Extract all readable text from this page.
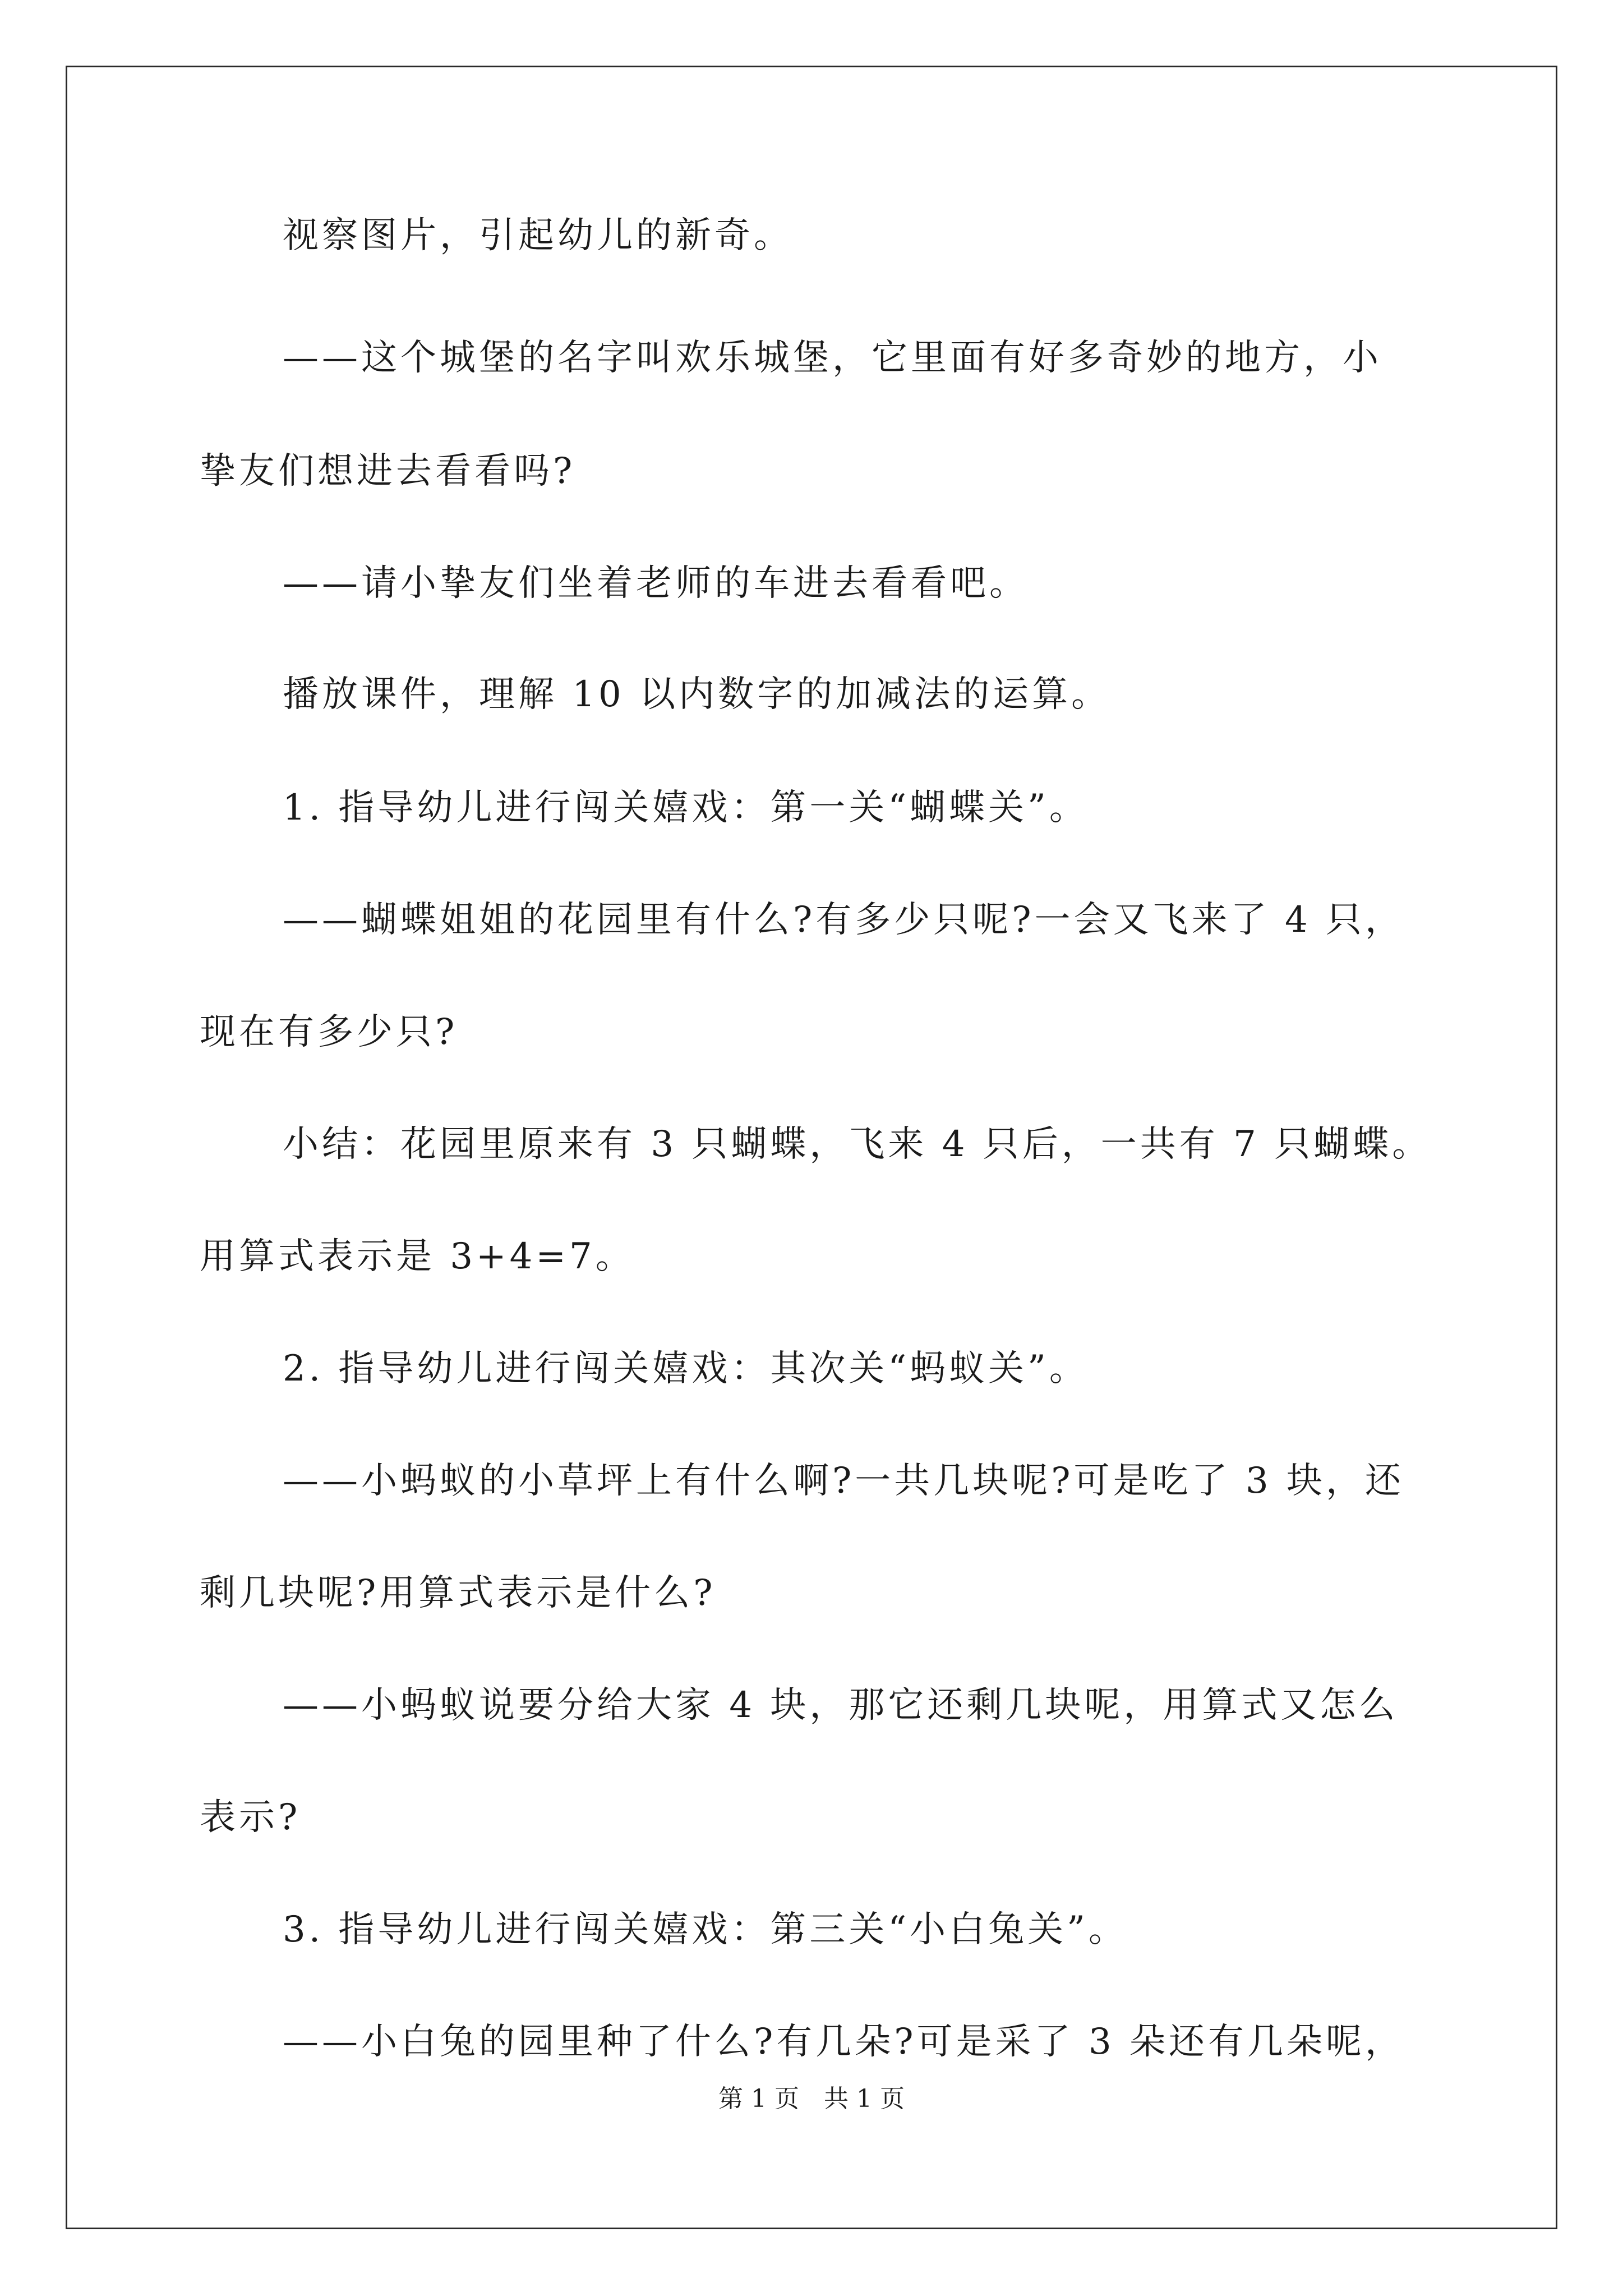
视察图片，引起幼儿的新奇。
——这个城堡的名字叫欢乐城堡，它里面有好多奇妙的地方，小
挚友们想进去看看吗?
——请小挚友们坐着老师的车进去看看吧。
播放课件，理解 10 以内数字的加减法的运算。
1. 指导幼儿进行闯关嬉戏：第一关“蝴蝶关”。
——蝴蝶姐姐的花园里有什么?有多少只呢?一会又飞来了 4 只，
现在有多少只?
小结：花园里原来有 3 只蝴蝶，飞来 4 只后，一共有 7 只蝴蝶。
用算式表示是 3+4=7。
2. 指导幼儿进行闯关嬉戏：其次关“蚂蚁关”。
——小蚂蚁的小草坪上有什么啊?一共几块呢?可是吃了 3 块，还
剩几块呢?用算式表示是什么?
——小蚂蚁说要分给大家 4 块，那它还剩几块呢，用算式又怎么
表示?
3. 指导幼儿进行闯关嬉戏：第三关“小白兔关”。
——小白兔的园里种了什么?有几朵?可是采了 3 朵还有几朵呢，
第 1 页　共 1 页
